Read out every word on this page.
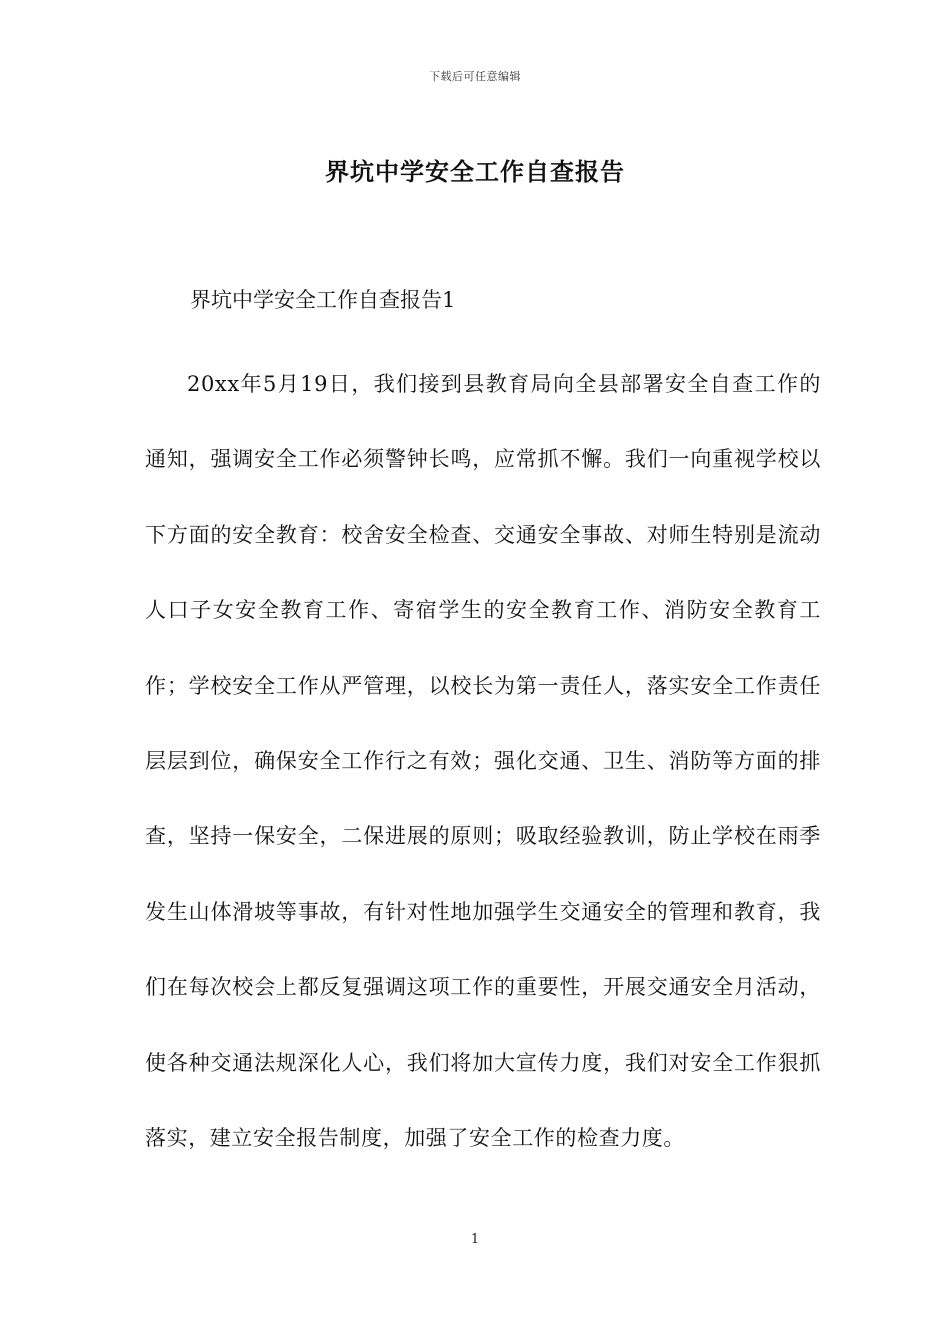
下载后可任意编辑
界坑中学安全工作自查报告
界坑中学安全工作自查报告1

20xx年5月19日，我们接到县教育局向全县部署安全自查工作的通知，强调安全工作必须警钟长鸣，应常抓不懈。我们一向重视学校以下方面的安全教育：校舍安全检查、交通安全事故、对师生特别是流动人口子女安全教育工作、寄宿学生的安全教育工作、消防安全教育工作；学校安全工作从严管理，以校长为第一责任人，落实安全工作责任层层到位，确保安全工作行之有效；强化交通、卫生、消防等方面的排查，坚持一保安全，二保进展的原则；吸取经验教训，防止学校在雨季发生山体滑坡等事故，有针对性地加强学生交通安全的管理和教育，我们在每次校会上都反复强调这项工作的重要性，开展交通安全月活动，使各种交通法规深化人心，我们将加大宣传力度，我们对安全工作狠抓落实，建立安全报告制度，加强了安全工作的检查力度。

1
